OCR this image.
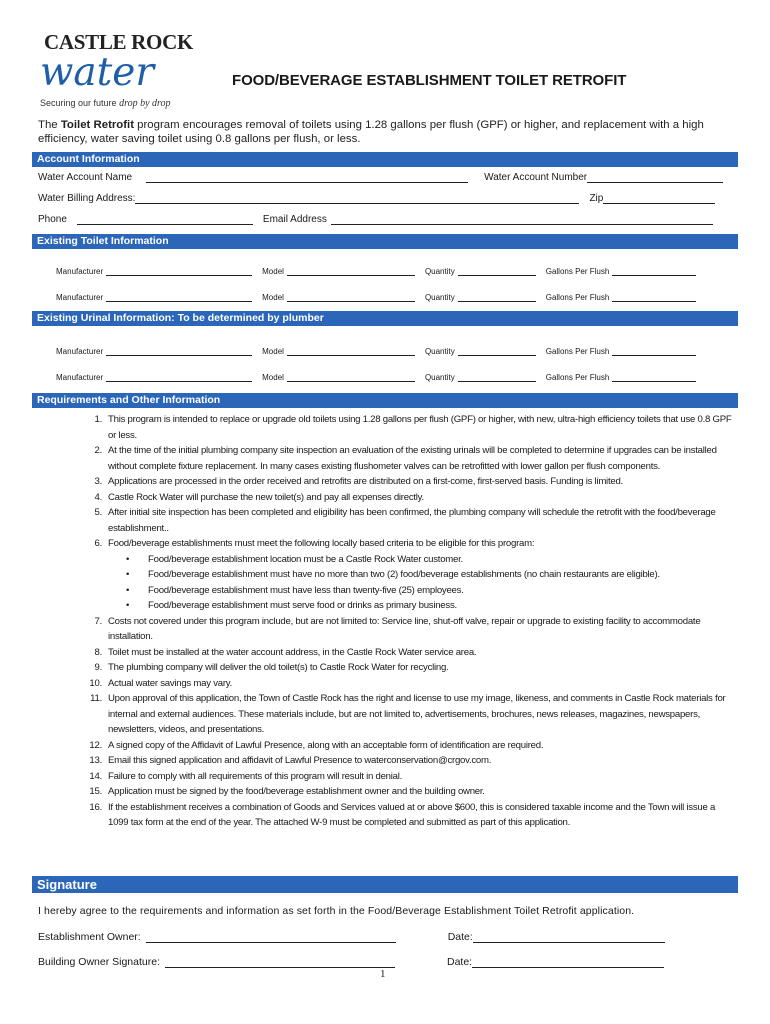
CASTLE ROCK
water
Securing our future drop by drop
FOOD/BEVERAGE ESTABLISHMENT TOILET RETROFIT
The Toilet Retrofit program encourages removal of toilets using 1.28 gallons per flush (GPF) or higher, and replacement with a high efficiency, water saving toilet using 0.8 gallons per flush, or less.
Account Information
Water Account Name	Water Account Number
Water Billing Address:	Zip
Phone	Email Address
Existing Toilet Information
Manufacturer	Model	Quantity	Gallons Per Flush
Manufacturer	Model	Quantity	Gallons Per Flush
Existing Urinal Information: To be determined by plumber
Manufacturer	Model	Quantity	Gallons Per Flush
Manufacturer	Model	Quantity	Gallons Per Flush
Requirements and Other Information
1. This program is intended to replace or upgrade old toilets using 1.28 gallons per flush (GPF) or higher, with new, ultra-high efficiency toilets that use 0.8 GPF or less.
2. At the time of the initial plumbing company site inspection an evaluation of the existing urinals will be completed to determine if upgrades can be installed without complete fixture replacement. In many cases existing flushometer valves can be retrofitted with lower gallon per flush components.
3. Applications are processed in the order received and retrofits are distributed on a first-come, first-served basis. Funding is limited.
4. Castle Rock Water will purchase the new toilet(s) and pay all expenses directly.
5. After initial site inspection has been completed and eligibility has been confirmed, the plumbing company will schedule the retrofit with the food/beverage establishment..
6. Food/beverage establishments must meet the following locally based criteria to be eligible for this program:
•	Food/beverage establishment location must be a Castle Rock Water customer.
•	Food/beverage establishment must have no more than two (2) food/beverage establishments (no chain restaurants are eligible).
•	Food/beverage establishment must have less than twenty-five (25) employees.
•	Food/beverage establishment must serve food or drinks as primary business.
7. Costs not covered under this program include, but are not limited to: Service line, shut-off valve, repair or upgrade to existing facility to accommodate installation.
8. Toilet must be installed at the water account address, in the Castle Rock Water service area.
9. The plumbing company will deliver the old toilet(s) to Castle Rock Water for recycling.
10. Actual water savings may vary.
11. Upon approval of this application, the Town of Castle Rock has the right and license to use my image, likeness, and comments in Castle Rock materials for internal and external audiences. These materials include, but are not limited to, advertisements, brochures, news releases, magazines, newspapers, newsletters, videos, and presentations.
12. A signed copy of the Affidavit of Lawful Presence, along with an acceptable form of identification are required.
13. Email this signed application and affidavit of Lawful Presence to waterconservation@crgov.com.
14. Failure to comply with all requirements of this program will result in denial.
15. Application must be signed by the food/beverage establishment owner and the building owner.
16. If the establishment receives a combination of Goods and Services valued at or above $600, this is considered taxable income and the Town will issue a 1099 tax form at the end of the year. The attached W-9 must be completed and submitted as part of this application.
Signature
I hereby agree to the requirements and information as set forth in the Food/Beverage Establishment Toilet Retrofit application.
Establishment Owner:	Date:
Building Owner Signature:	Date:
1
